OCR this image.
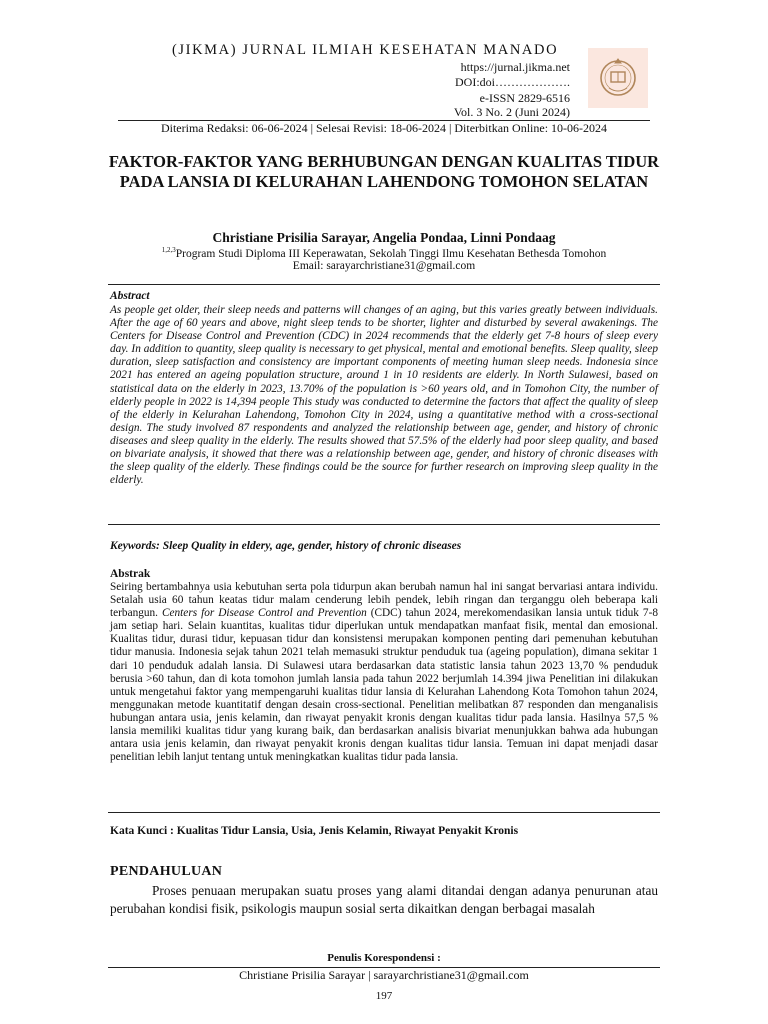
(JIKMA) JURNAL ILMIAH KESEHATAN MANADO
https://jurnal.jikma.net
DOI:doi……………….
e-ISSN 2829-6516
Vol. 3 No. 2 (Juni 2024)
Diterima Redaksi: 06-06-2024 | Selesai Revisi: 18-06-2024 | Diterbitkan Online: 10-06-2024
FAKTOR-FAKTOR YANG BERHUBUNGAN DENGAN KUALITAS TIDUR PADA LANSIA DI KELURAHAN LAHENDONG TOMOHON SELATAN
Christiane Prisilia Sarayar, Angelia Pondaa, Linni Pondaag
$^{1,2,3}$Program Studi Diploma III Keperawatan, Sekolah Tinggi Ilmu Kesehatan Bethesda Tomohon
Email: sarayarchristiane31@gmail.com
Abstract
As people get older, their sleep needs and patterns will changes of an aging, but this varies greatly between individuals. After the age of 60 years and above, night sleep tends to be shorter, lighter and disturbed by several awakenings. The Centers for Disease Control and Prevention (CDC) in 2024 recommends that the elderly get 7-8 hours of sleep every day. In addition to quantity, sleep quality is necessary to get physical, mental and emotional benefits. Sleep quality, sleep duration, sleep satisfaction and consistency are important components of meeting human sleep needs. Indonesia since 2021 has entered an ageing population structure, around 1 in 10 residents are elderly. In North Sulawesi, based on statistical data on the elderly in 2023, 13.70% of the population is >60 years old, and in Tomohon City, the number of elderly people in 2022 is 14,394 people This study was conducted to determine the factors that affect the quality of sleep of the elderly in Kelurahan Lahendong, Tomohon City in 2024, using a quantitative method with a cross-sectional design. The study involved 87 respondents and analyzed the relationship between age, gender, and history of chronic diseases and sleep quality in the elderly. The results showed that 57.5% of the elderly had poor sleep quality, and based on bivariate analysis, it showed that there was a relationship between age, gender, and history of chronic diseases with the sleep quality of the elderly. These findings could be the source for further research on improving sleep quality in the elderly.
Keywords: Sleep Quality in eldery, age, gender, history of chronic diseases
Abstrak
Seiring bertambahnya usia kebutuhan serta pola tidurpun akan berubah namun hal ini sangat bervariasi antara individu. Setalah usia 60 tahun keatas tidur malam cenderung lebih pendek, lebih ringan dan terganggu oleh beberapa kali terbangun. Centers for Disease Control and Prevention (CDC) tahun 2024, merekomendasikan lansia untuk tiduk 7-8 jam setiap hari. Selain kuantitas, kualitas tidur diperlukan untuk mendapatkan manfaat fisik, mental dan emosional. Kualitas tidur, durasi tidur, kepuasan tidur dan konsistensi merupakan komponen penting dari pemenuhan kebutuhan tidur manusia. Indonesia sejak tahun 2021 telah memasuki struktur penduduk tua (ageing population), dimana sekitar 1 dari 10 penduduk adalah lansia. Di Sulawesi utara berdasarkan data statistic lansia tahun 2023 13,70 % penduduk berusia >60 tahun, dan di kota tomohon jumlah lansia pada tahun 2022 berjumlah 14.394 jiwa Penelitian ini dilakukan untuk mengetahui faktor yang mempengaruhi kualitas tidur lansia di Kelurahan Lahendong Kota Tomohon tahun 2024, menggunakan metode kuantitatif dengan desain cross-sectional. Penelitian melibatkan 87 responden dan menganalisis hubungan antara usia, jenis kelamin, dan riwayat penyakit kronis dengan kualitas tidur pada lansia. Hasilnya 57,5 % lansia memiliki kualitas tidur yang kurang baik, dan berdasarkan analisis bivariat menunjukkan bahwa ada hubungan antara usia jenis kelamin, dan riwayat penyakit kronis dengan kualitas tidur lansia. Temuan ini dapat menjadi dasar penelitian lebih lanjut tentang untuk meningkatkan kualitas tidur pada lansia.
Kata Kunci : Kualitas Tidur Lansia, Usia, Jenis Kelamin, Riwayat Penyakit Kronis
PENDAHULUAN

Proses penuaan merupakan suatu proses yang alami ditandai dengan adanya penurunan atau perubahan kondisi fisik, psikologis maupun sosial serta dikaitkan dengan berbagai masalah

Penulis Korespondensi :
Christiane Prisilia Sarayar | sarayarchristiane31@gmail.com
197
